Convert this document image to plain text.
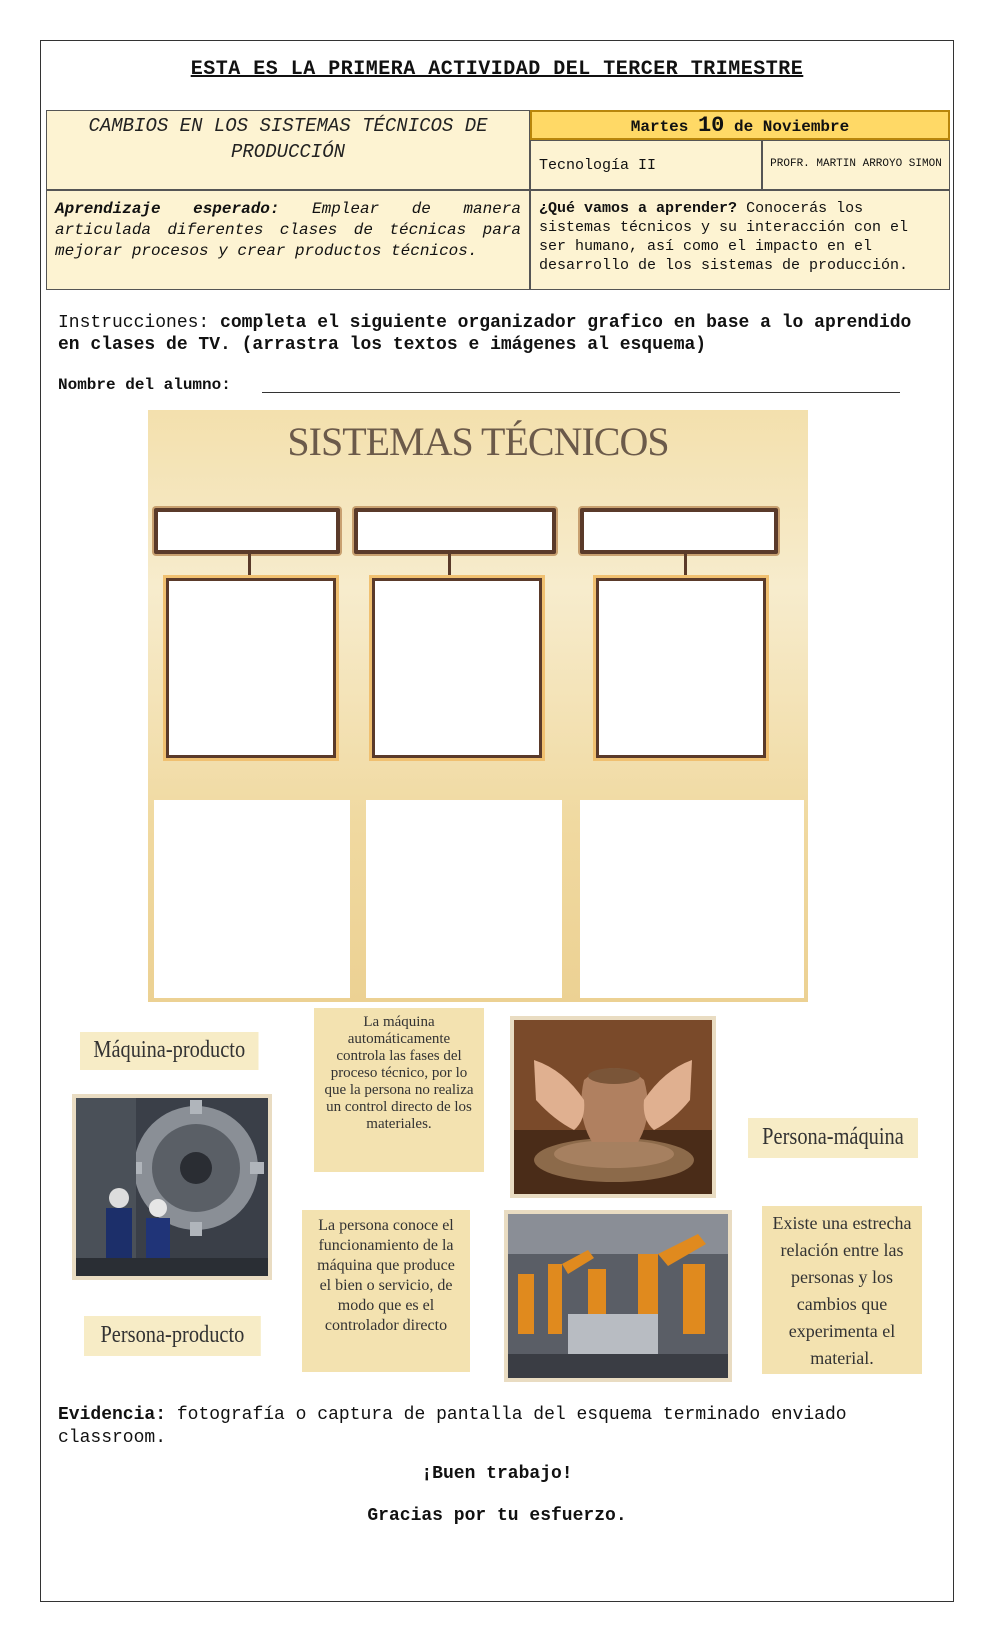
ESTA ES LA PRIMERA ACTIVIDAD DEL TERCER TRIMESTRE
CAMBIOS EN LOS SISTEMAS TÉCNICOS DE PRODUCCIÓN
Martes 10 de Noviembre
Tecnología II	PROFR. MARTIN ARROYO SIMON
Aprendizaje esperado: Emplear de manera articulada diferentes clases de técnicas para mejorar procesos y crear productos técnicos.
¿Qué vamos a aprender? Conocerás los sistemas técnicos y su interacción con el ser humano, así como el impacto en el desarrollo de los sistemas de producción.
Instrucciones: completa el siguiente organizador grafico en base a lo aprendido en clases de TV. (arrastra los textos e imágenes al esquema)
Nombre del alumno:
SISTEMAS TÉCNICOS
Máquina-producto
La máquina automáticamente controla las fases del proceso técnico, por lo que la persona no realiza un control directo de los materiales.	Persona-máquina
La persona conoce el funcionamiento de la máquina que produce el bien o servicio, de modo que es el controlador directo
Existe una estrecha relación entre las personas y los cambios que experimenta el material.
Persona-producto
Evidencia: fotografía o captura de pantalla del esquema terminado enviado classroom.
¡Buen trabajo!
Gracias por tu esfuerzo.
